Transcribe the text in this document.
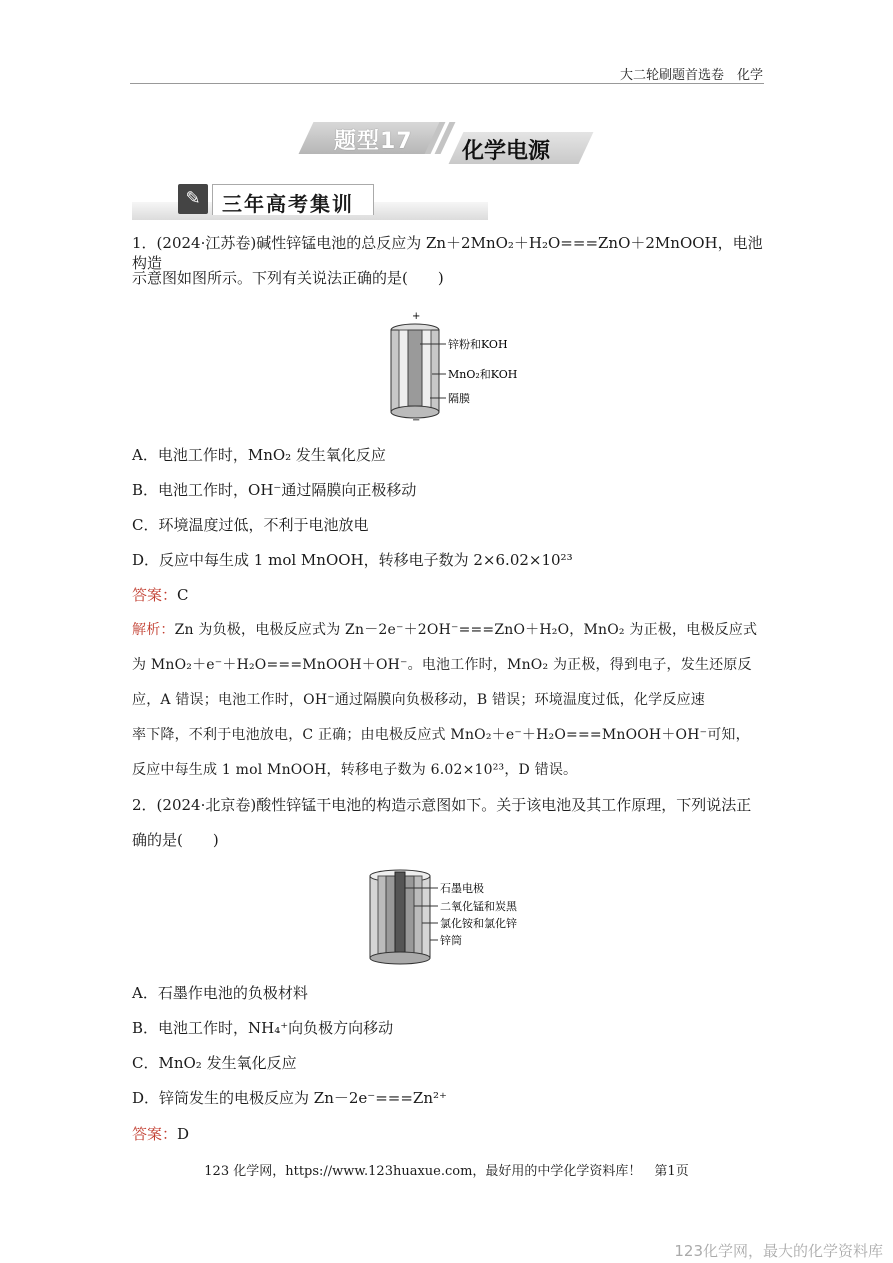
大二轮刷题首选卷　化学
题型17 化学电源
✎	三年高考集训
1．(2024·江苏卷)碱性锌锰电池的总反应为 Zn＋2MnO₂＋H₂O===ZnO＋2MnOOH，电池构造
示意图如图所示。下列有关说法正确的是(　　)
+
−
锌粉和KOH
MnO₂和KOH
隔膜
A．电池工作时，MnO₂ 发生氧化反应
B．电池工作时，OH⁻通过隔膜向正极移动
C．环境温度过低，不利于电池放电
D．反应中每生成 1 mol MnOOH，转移电子数为 2×6.02×10²³
答案：C
解析：Zn 为负极，电极反应式为 Zn－2e⁻＋2OH⁻===ZnO＋H₂O，MnO₂ 为正极，电极反应式
为 MnO₂＋e⁻＋H₂O===MnOOH＋OH⁻。电池工作时，MnO₂ 为正极，得到电子，发生还原反
应，A 错误；电池工作时，OH⁻通过隔膜向负极移动，B 错误；环境温度过低，化学反应速
率下降，不利于电池放电，C 正确；由电极反应式 MnO₂＋e⁻＋H₂O===MnOOH＋OH⁻可知，
反应中每生成 1 mol MnOOH，转移电子数为 6.02×10²³，D 错误。
2．(2024·北京卷)酸性锌锰干电池的构造示意图如下。关于该电池及其工作原理，下列说法正
确的是(　　)
石墨电极
二氧化锰和炭黑
氯化铵和氯化锌
锌筒
A．石墨作电池的负极材料
B．电池工作时，NH₄⁺向负极方向移动
C．MnO₂ 发生氧化反应
D．锌筒发生的电极反应为 Zn－2e⁻===Zn²⁺
答案：D
123 化学网，https://www.123huaxue.com，最好用的中学化学资料库！　第1页
123化学网，最大的化学资料库
